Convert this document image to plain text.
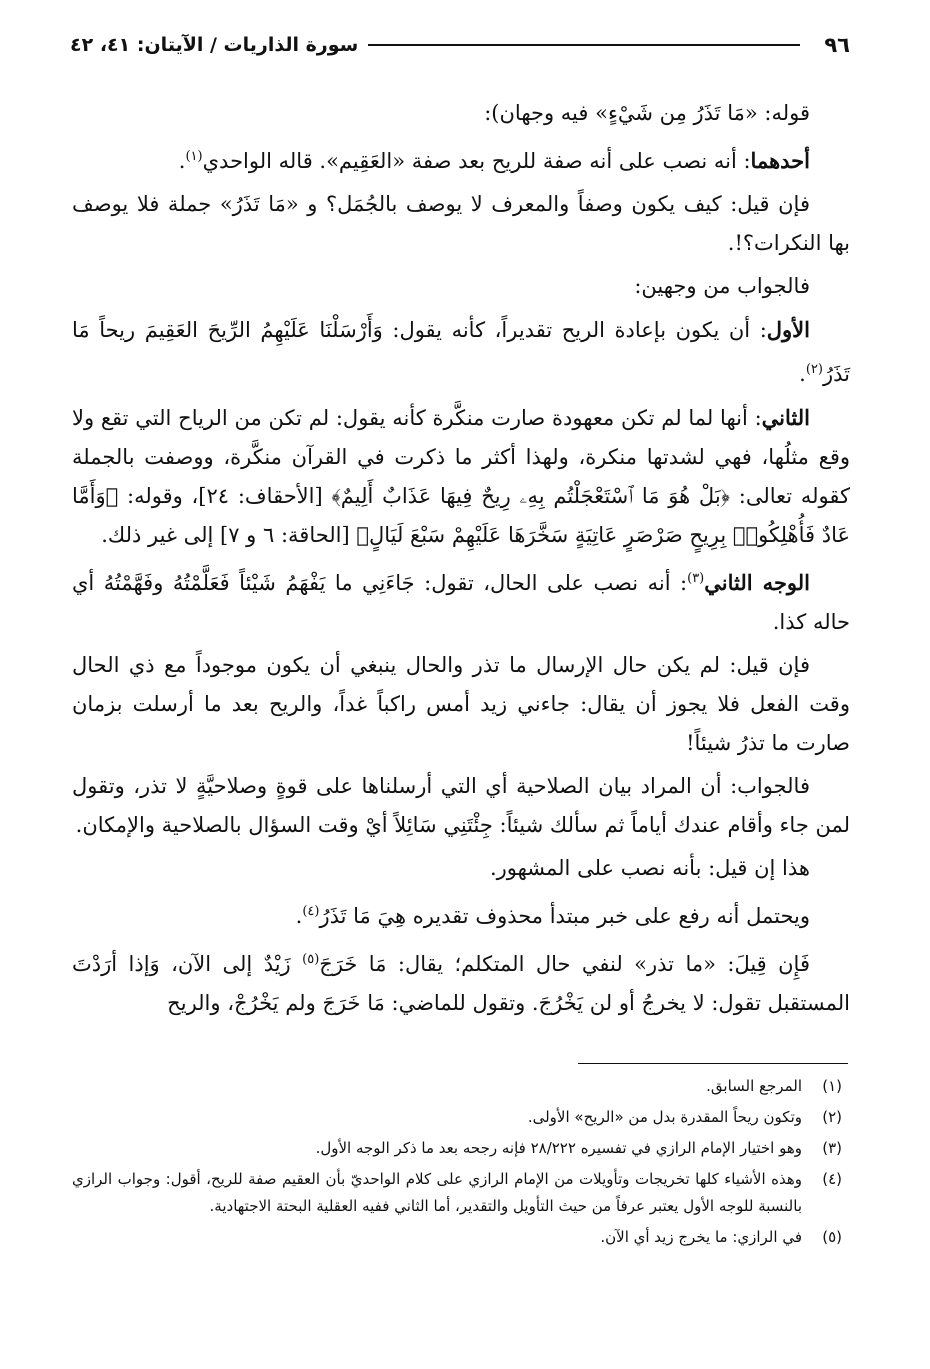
٩٦
سورة الذاريات / الآيتان: ٤١، ٤٢

قوله: «مَا تَذَرُ مِن شَيْءٍ» فيه وجهان):

أحدهما: أنه نصب على أنه صفة للريح بعد صفة «العَقِيم». قاله الواحدي$^{(١)}$.

فإن قيل: كيف يكون وصفاً والمعرف لا يوصف بالجُمَل؟ و «مَا تَذَرُ» جملة فلا يوصف بها النكرات؟!.

فالجواب من وجهين:

الأول: أن يكون بإعادة الريح تقديراً، كأنه يقول: وَأَرْسَلْنَا عَلَيْهِمُ الرِّيحَ العَقِيمَ ريحاً مَا تَذَرُ$^{(٢)}$.

الثاني: أنها لما لم تكن معهودة صارت منكَّرة كأنه يقول: لم تكن من الرياح التي تقع ولا وقع مثلُها، فهي لشدتها منكرة، ولهذا أكثر ما ذكرت في القرآن منكَّرة، ووصفت بالجملة كقوله تعالى: ﴿بَلْ هُوَ مَا ٱسْتَعْجَلْتُم بِهِۦ رِيحٌ فِيهَا عَذَابٌ أَلِيمٌ﴾ [الأحقاف: ٢٤]، وقوله: ﴿وَأَمَّا عَادٌ فَأُهْلِكُوا۟ بِرِيحٍ صَرْصَرٍ عَاتِيَةٍ سَخَّرَهَا عَلَيْهِمْ سَبْعَ لَيَالٍ﴾ [الحاقة: ٦ و ٧] إلى غير ذلك.

الوجه الثاني$^{(٣)}$: أنه نصب على الحال، تقول: جَاءَنِي ما يَفْهَمُ شَيْئاً فَعَلَّمْتُهُ وفَهَّمْتُهُ أي حاله كذا.

فإن قيل: لم يكن حال الإرسال ما تذر والحال ينبغي أن يكون موجوداً مع ذي الحال وقت الفعل فلا يجوز أن يقال: جاءني زيد أمس راكباً غداً، والريح بعد ما أرسلت بزمان صارت ما تذرُ شيئاً!

فالجواب: أن المراد بيان الصلاحية أي التي أرسلناها على قوةٍ وصلاحيَّةٍ لا تذر، وتقول لمن جاء وأقام عندك أياماً ثم سألك شيئاً: جِئْتَنِي سَائِلاً أيْ وقت السؤال بالصلاحية والإمكان.

هذا إن قيل: بأنه نصب على المشهور.

ويحتمل أنه رفع على خبر مبتدأ محذوف تقديره هِيَ مَا تَذَرُ$^{(٤)}$.

فَإِن قِيلَ: «ما تذر» لنفي حال المتكلم؛ يقال: مَا خَرَجَ$^{(٥)}$ زَيْدٌ إلى الآن، وَإذا أرَدْتَ المستقبل تقول: لا يخرجُ أو لن يَخْرُجَ. وتقول للماضي: مَا خَرَجَ ولم يَخْرُجْ، والريح

(١)
المرجع السابق.
(٢)
وتكون ريحاً المقدرة بدل من «الريح» الأولى.
(٣)
وهو اختيار الإمام الرازي في تفسيره ٢٨/٢٢٢ فإنه رجحه بعد ما ذكر الوجه الأول.
(٤)
وهذه الأشياء كلها تخريجات وتأويلات من الإمام الرازي على كلام الواحديّ بأن العقيم صفة للريح، أقول: وجواب الرازي بالنسبة للوجه الأول يعتبر عرفاً من حيث التأويل والتقدير، أما الثاني ففيه العقلية البحتة الاجتهادية.
(٥)
في الرازي: ما يخرج زيد أي الآن.
